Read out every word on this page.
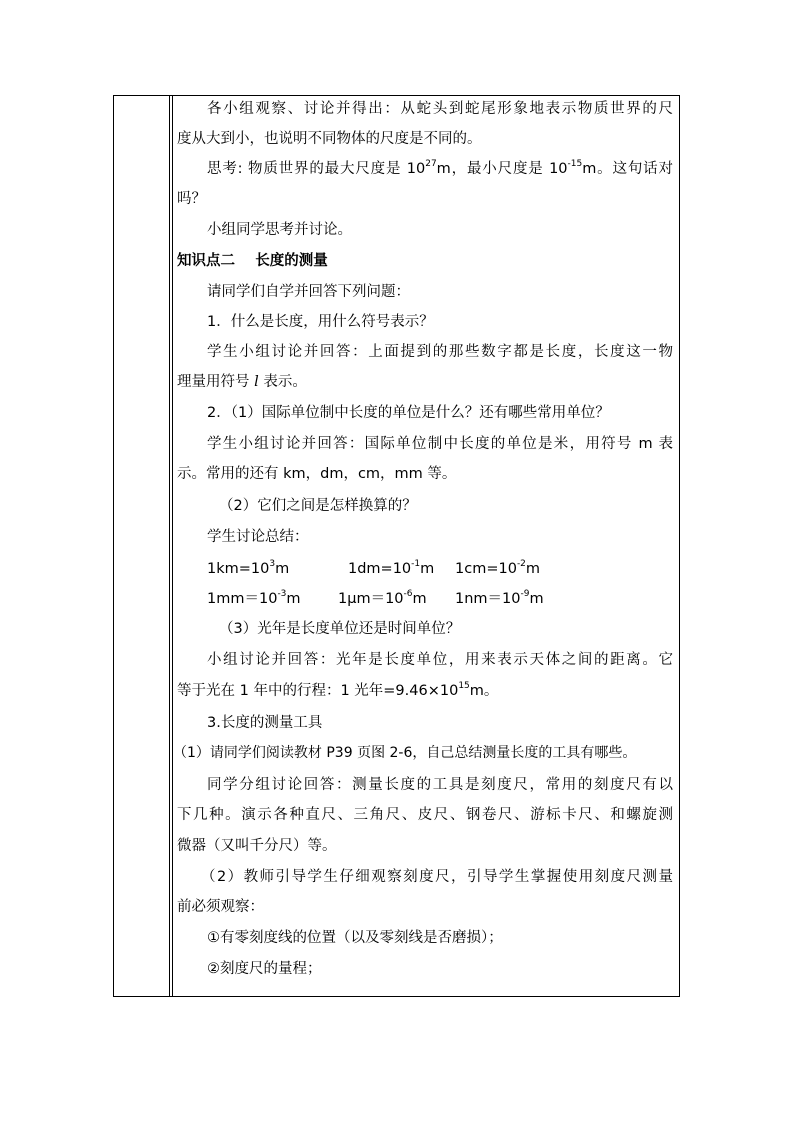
各小组观察、讨论并得出：从蛇头到蛇尾形象地表示物质世界的尺
度从大到小，也说明不同物体的尺度是不同的。
思考: 物质世界的最大尺度是 $10^{27}m$，最小尺度是 $10^{-15}m$。这句话对
吗？
小组同学思考并讨论。
知识点二    长度的测量
请同学们自学并回答下列问题：
1．什么是长度，用什么符号表示？
学生小组讨论并回答：上面提到的那些数字都是长度，长度这一物
理量用符号 l 表示。
2．（1）国际单位制中长度的单位是什么？还有哪些常用单位？
学生小组讨论并回答：国际单位制中长度的单位是米，用符号 m 表
示。常用的还有 km，dm，cm，mm 等。
（2）它们之间是怎样换算的？
学生讨论总结：
$1km=10^3m$	$1dm=10^{-1}m$ $1cm=10^{-2}m$
$1mm=10^{-3}m$	$1\mu m=10^{-6}m$ $1nm=10^{-9}m$
（3）光年是长度单位还是时间单位？
小组讨论并回答：光年是长度单位，用来表示天体之间的距离。它
等于光在 1 年中的行程：1 光年$=9.46\times 10^{15}m$。
3.长度的测量工具
（1）请同学们阅读教材 P39 页图 2-6，自己总结测量长度的工具有哪些。
同学分组讨论回答：测量长度的工具是刻度尺，常用的刻度尺有以
下几种。演示各种直尺、三角尺、皮尺、钢卷尺、游标卡尺、和螺旋测
微器（又叫千分尺）等。
（2）教师引导学生仔细观察刻度尺，引导学生掌握使用刻度尺测量
前必须观察：
①有零刻度线的位置（以及零刻线是否磨损）；
②刻度尺的量程；
